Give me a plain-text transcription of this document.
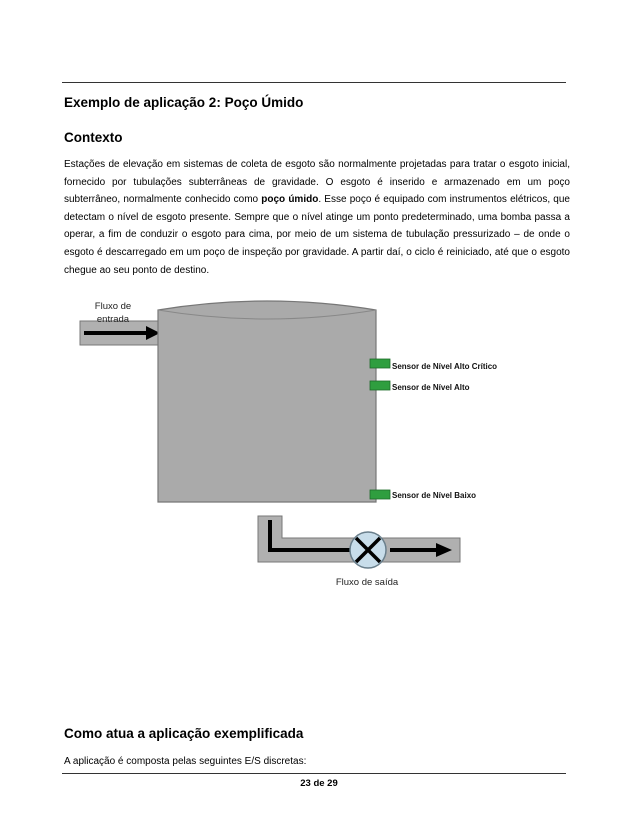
Exemplo de aplicação 2: Poço Úmido
Contexto
Estações de elevação em sistemas de coleta de esgoto são normalmente projetadas para tratar o esgoto inicial, fornecido por tubulações subterrâneas de gravidade. O esgoto é inserido e armazenado em um poço subterrâneo, normalmente conhecido como poço úmido. Esse poço é equipado com instrumentos elétricos, que detectam o nível de esgoto presente. Sempre que o nível atinge um ponto predeterminado, uma bomba passa a operar, a fim de conduzir o esgoto para cima, por meio de um sistema de tubulação pressurizado – de onde o esgoto é descarregado em um poço de inspeção por gravidade. A partir daí, o ciclo é reiniciado, até que o esgoto chegue ao seu ponto de destino.
Fluxo de
entrada
Sensor de Nível Alto Crítico
Sensor de Nível Alto
Sensor de Nível Baixo
Fluxo de saída
Como atua a aplicação exemplificada
A aplicação é composta pelas seguintes E/S discretas:
23 de 29
